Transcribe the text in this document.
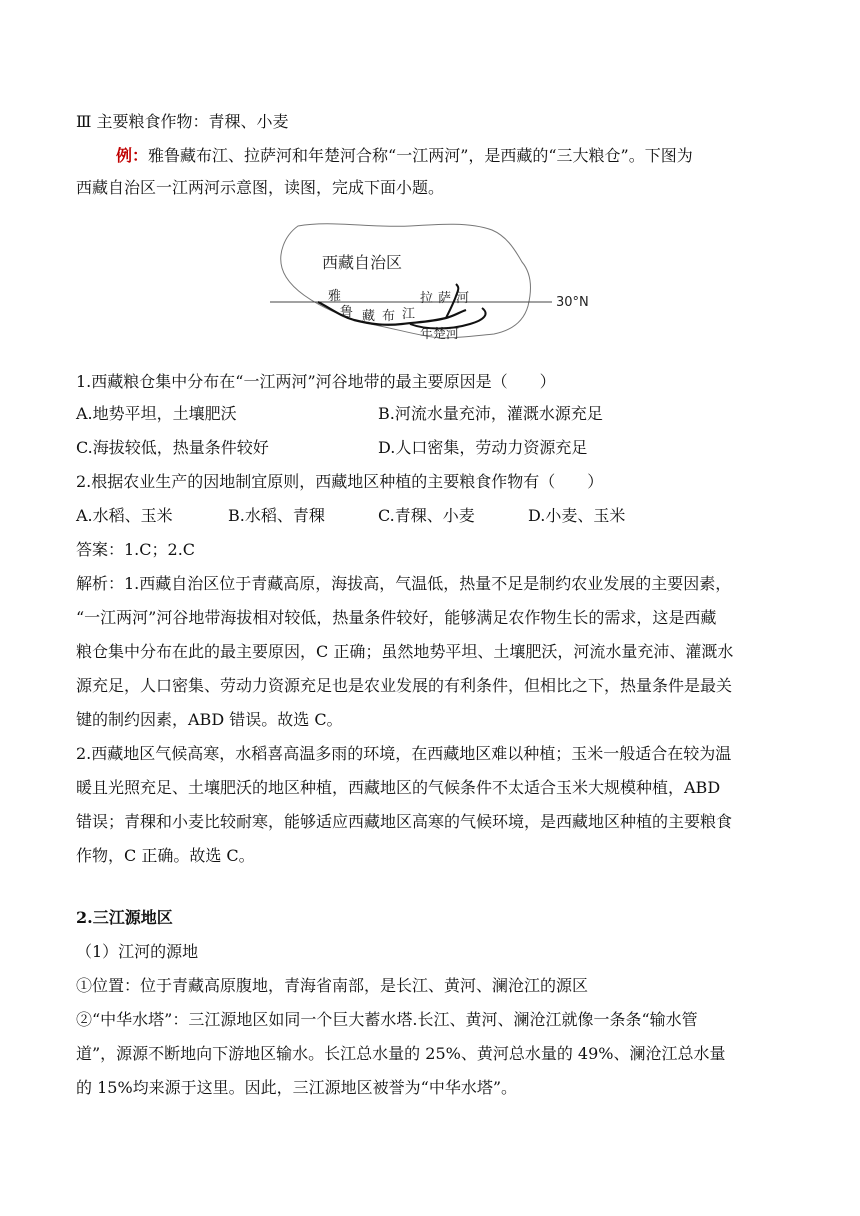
Ⅲ 主要粮食作物：青稞、小麦
例：雅鲁藏布江、拉萨河和年楚河合称“一江两河”，是西藏的“三大粮仓”。下图为
西藏自治区一江两河示意图，读图，完成下面小题。
西藏自治区
雅
鲁 藏 布 江
拉 萨 河
年楚河
30°N
1.西藏粮仓集中分布在“一江两河”河谷地带的最主要原因是（　　）
A.地势平坦，土壤肥沃	B.河流水量充沛，灌溉水源充足
C.海拔较低，热量条件较好	D.人口密集，劳动力资源充足
2.根据农业生产的因地制宜原则，西藏地区种植的主要粮食作物有（　　）
A.水稻、玉米	B.水稻、青稞	C.青稞、小麦	D.小麦、玉米
答案：1.C；2.C
解析：1.西藏自治区位于青藏高原，海拔高，气温低，热量不足是制约农业发展的主要因素，
“一江两河”河谷地带海拔相对较低，热量条件较好，能够满足农作物生长的需求，这是西藏
粮仓集中分布在此的最主要原因，C 正确；虽然地势平坦、土壤肥沃，河流水量充沛、灌溉水
源充足，人口密集、劳动力资源充足也是农业发展的有利条件，但相比之下，热量条件是最关
键的制约因素，ABD 错误。故选 C。
2.西藏地区气候高寒，水稻喜高温多雨的环境，在西藏地区难以种植；玉米一般适合在较为温
暖且光照充足、土壤肥沃的地区种植，西藏地区的气候条件不太适合玉米大规模种植，ABD
错误；青稞和小麦比较耐寒，能够适应西藏地区高寒的气候环境，是西藏地区种植的主要粮食
作物，C 正确。故选 C。
2.三江源地区
（1）江河的源地
①位置：位于青藏高原腹地，青海省南部，是长江、黄河、澜沧江的源区
②“中华水塔”：三江源地区如同一个巨大蓄水塔.长江、黄河、澜沧江就像一条条“输水管
道”，源源不断地向下游地区输水。长江总水量的 25%、黄河总水量的 49%、澜沧江总水量
的 15%均来源于这里。因此，三江源地区被誉为“中华水塔”。
